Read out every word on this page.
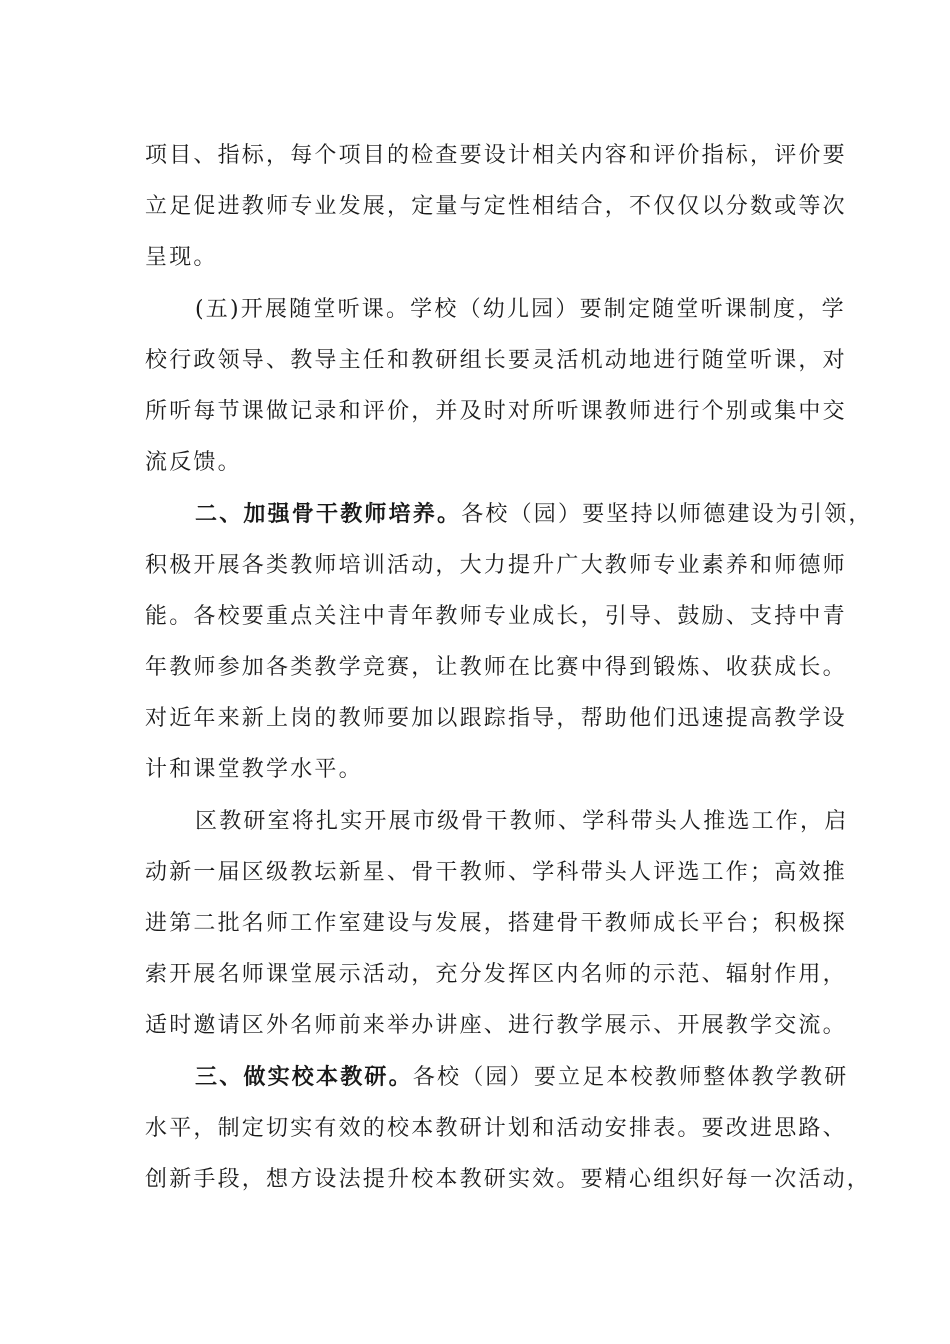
项目、指标，每个项目的检查要设计相关内容和评价指标，评价要
立足促进教师专业发展，定量与定性相结合，不仅仅以分数或等次
呈现。
(五)开展随堂听课。学校（幼儿园）要制定随堂听课制度，学
校行政领导、教导主任和教研组长要灵活机动地进行随堂听课，对
所听每节课做记录和评价，并及时对所听课教师进行个别或集中交
流反馈。
二、加强骨干教师培养。各校（园）要坚持以师德建设为引领，
积极开展各类教师培训活动，大力提升广大教师专业素养和师德师
能。各校要重点关注中青年教师专业成长，引导、鼓励、支持中青
年教师参加各类教学竞赛，让教师在比赛中得到锻炼、收获成长。
对近年来新上岗的教师要加以跟踪指导，帮助他们迅速提高教学设
计和课堂教学水平。
区教研室将扎实开展市级骨干教师、学科带头人推选工作，启
动新一届区级教坛新星、骨干教师、学科带头人评选工作；高效推
进第二批名师工作室建设与发展，搭建骨干教师成长平台；积极探
索开展名师课堂展示活动，充分发挥区内名师的示范、辐射作用，
适时邀请区外名师前来举办讲座、进行教学展示、开展教学交流。
三、做实校本教研。各校（园）要立足本校教师整体教学教研
水平，制定切实有效的校本教研计划和活动安排表。要改进思路、
创新手段，想方设法提升校本教研实效。要精心组织好每一次活动，
